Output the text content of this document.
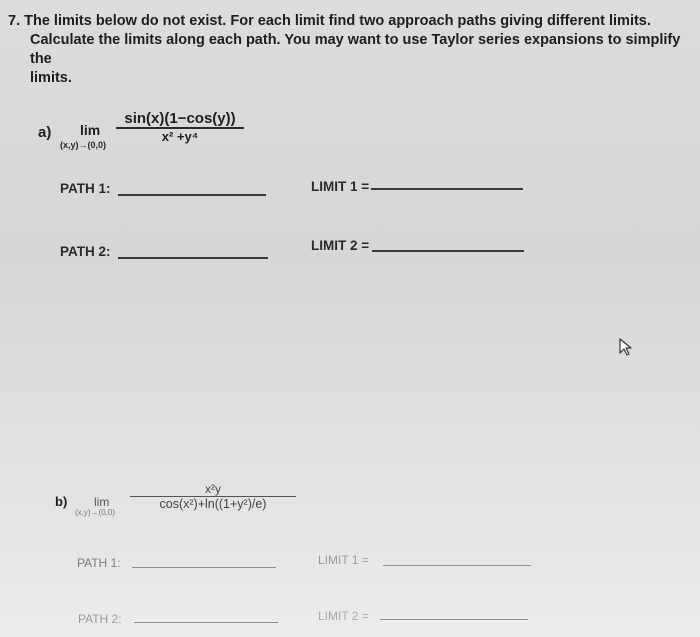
7. The limits below do not exist. For each limit find two approach paths giving different limits.
Calculate the limits along each path. You may want to use Taylor series expansions to simplify the
limits.
a) lim
(x,y)→(0,0)
sin(x)(1−cos(y))
x² +y⁴
PATH 1:	LIMIT 1 =
PATH 2:	LIMIT 2 =
b) lim
(x,y)→(0,0)
x²y
cos(x²)+ln((1+y²)/e)
PATH 1:	LIMIT 1 =
PATH 2:	LIMIT 2 =
